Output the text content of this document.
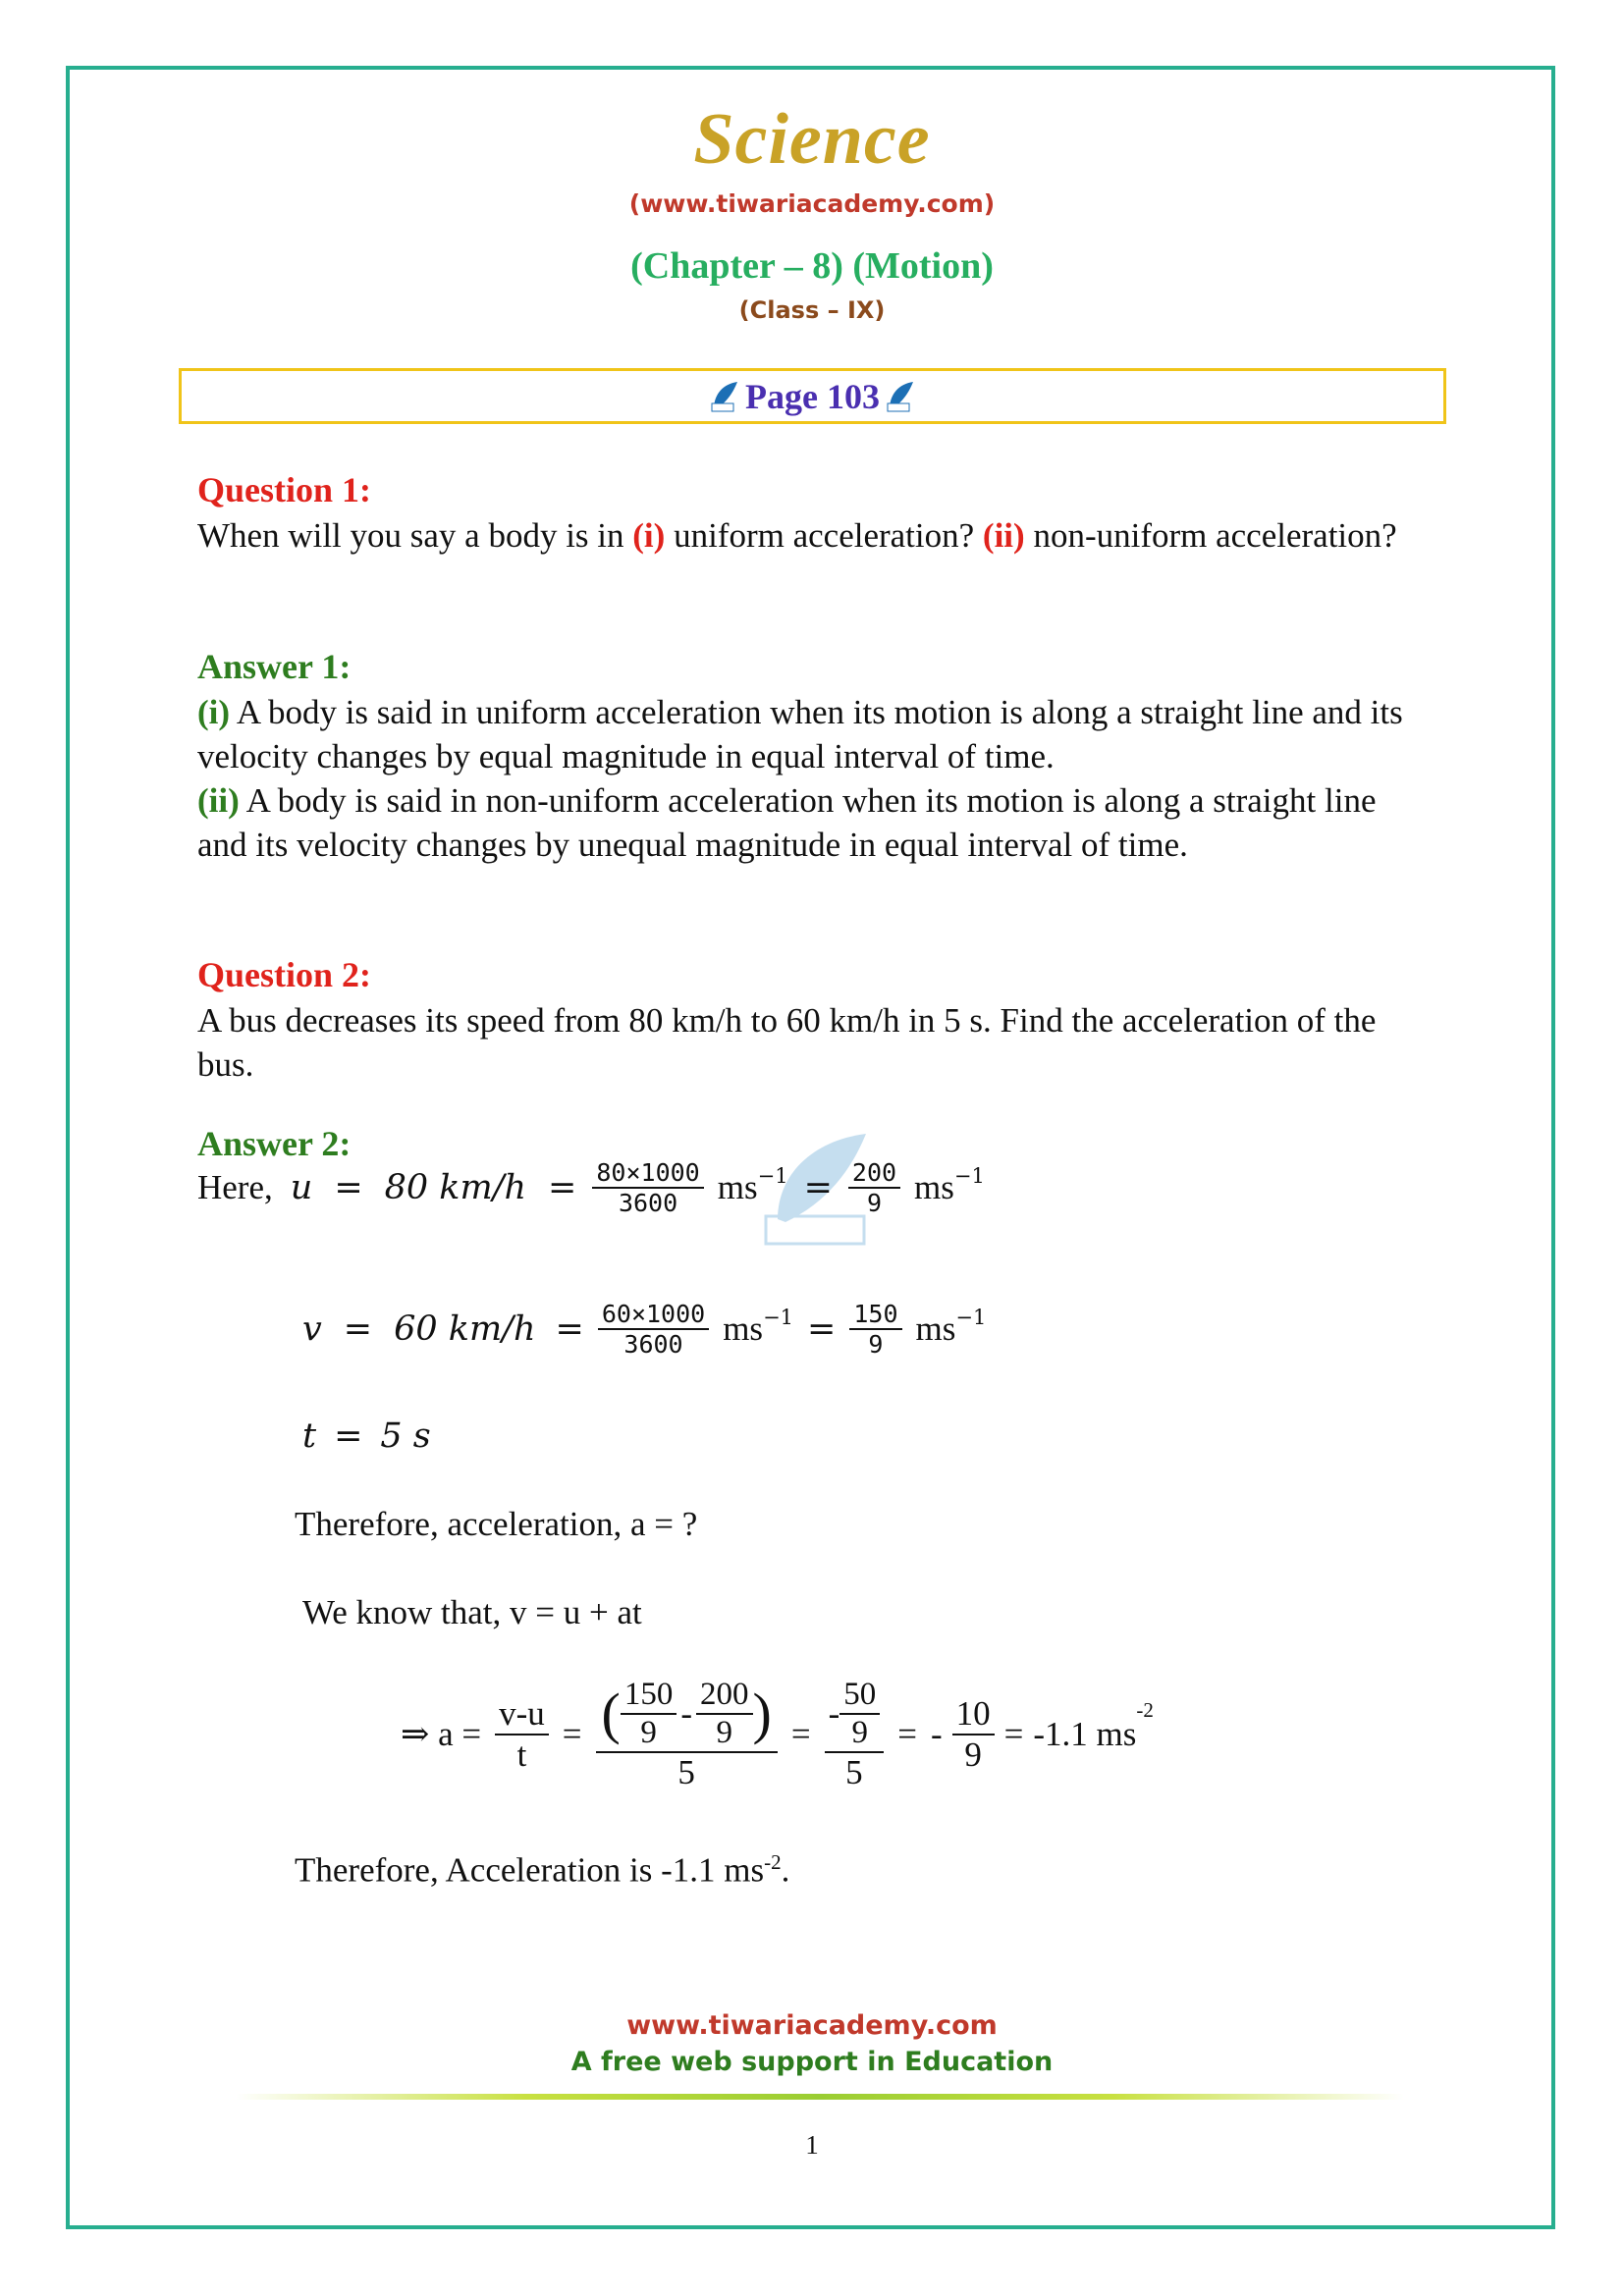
Science
(www.tiwariacademy.com)
(Chapter – 8) (Motion)
(Class – IX)
Page 103
Question 1:
When will you say a body is in (i) uniform acceleration? (ii) non-uniform acceleration?
Answer 1:
(i) A body is said in uniform acceleration when its motion is along a straight line and its velocity changes by equal magnitude in equal interval of time.
(ii) A body is said in non-uniform acceleration when its motion is along a straight line and its velocity changes by unequal magnitude in equal interval of time.
Question 2:
A bus decreases its speed from 80 km/h to 60 km/h in 5 s. Find the acceleration of the bus.
Answer 2:
Here, u = 80 $km/h = \frac{80\times 1000}{3600} ms^{-1} = \frac{200}{9} ms^{-1}$
v = 60 $km/h = \frac{60\times 1000}{3600} ms^{-1} = \frac{150}{9} ms^{-1}$
t = 5 s
Therefore, acceleration, a = ?
We know that, v = u + at
⇒ $a = \frac{v-u}{t} = \frac{( \frac{150}{9} - \frac{200}{9} )}{5} = \frac{- \frac{50}{9}}{5}$ = - $\frac{10}{9} = -1.1$ ms
$^{-2}$
Therefore, Acceleration is -1.1 $ms^{-2}$.
www.tiwariacademy.com
A free web support in Education
1
